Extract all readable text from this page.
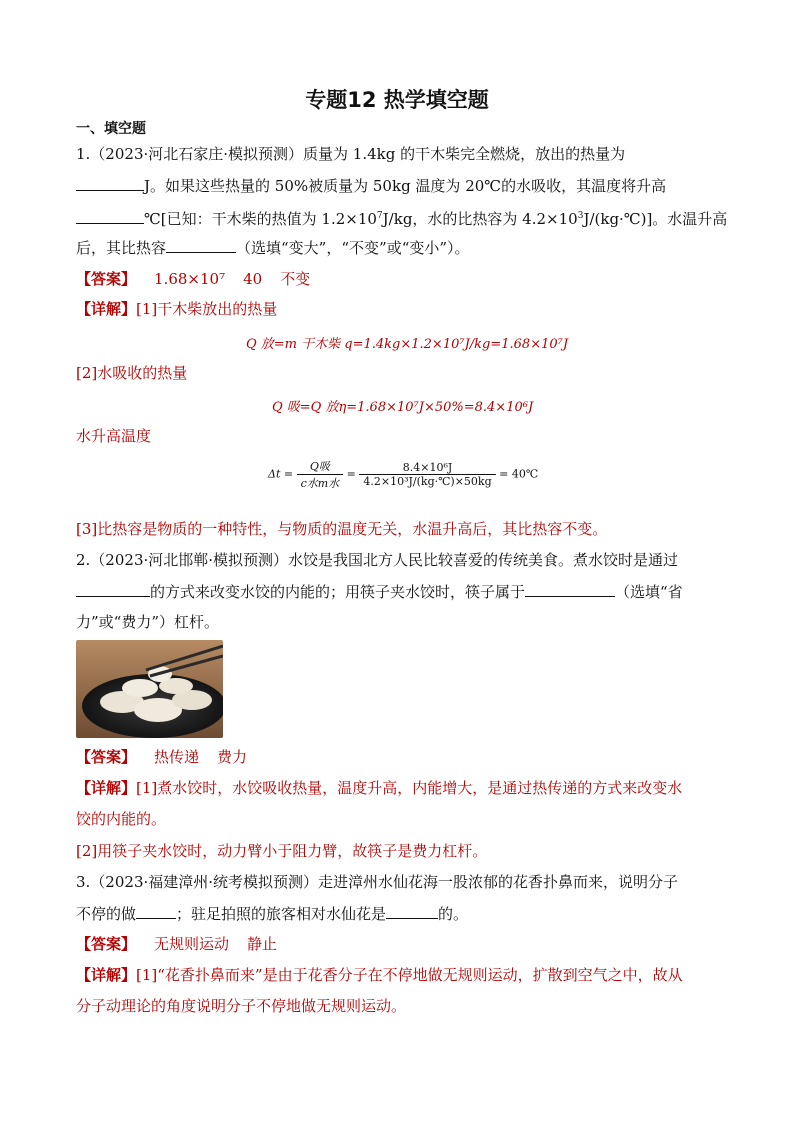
专题12 热学填空题
一、填空题
1.（2023·河北石家庄·模拟预测）质量为 1.4kg 的干木柴完全燃烧，放出的热量为
J。如果这些热量的 50%被质量为 50kg 温度为 20℃的水吸收，其温度将升高
℃[已知：干木柴的热值为 $1.2\times 10^7J/kg$，水的比热容为 $4.2\times 10^3J/(kg\cdot℃)$]。水温升高
后，其比热容	（选填“变大”，“不变”或“变小”）。
【答案】 1.68×10⁷ 40 不变
【详解】[1]干木柴放出的热量
Q 放=m 干木柴 q=1.4kg×1.2×10⁷J/kg=1.68×10⁷J
[2]水吸收的热量
Q 吸=Q 放η=1.68×10⁷J×50%=8.4×10⁶J
水升高温度
$\Delta t = \frac{\text{Q吸}}{\text{c水m水}} = \frac{\text{8.4×10⁶J}}{\text{4.2×10³J/(kg·℃)×50kg}}$ = 40℃
[3]比热容是物质的一种特性，与物质的温度无关，水温升高后，其比热容不变。
2.（2023·河北邯郸·模拟预测）水饺是我国北方人民比较喜爱的传统美食。煮水饺时是通过
的方式来改变水饺的内能的；用筷子夹水饺时，筷子属于	（选填“省
力”或“费力”）杠杆。
【答案】 热传递 费力
【详解】[1]煮水饺时，水饺吸收热量，温度升高，内能增大，是通过热传递的方式来改变水
饺的内能的。
[2]用筷子夹水饺时，动力臂小于阻力臂，故筷子是费力杠杆。
3.（2023·福建漳州·统考模拟预测）走进漳州水仙花海一股浓郁的花香扑鼻而来，说明分子
不停的做	；驻足拍照的旅客相对水仙花是	的。
【答案】 无规则运动 静止
【详解】[1]“花香扑鼻而来”是由于花香分子在不停地做无规则运动，扩散到空气之中，故从
分子动理论的角度说明分子不停地做无规则运动。
